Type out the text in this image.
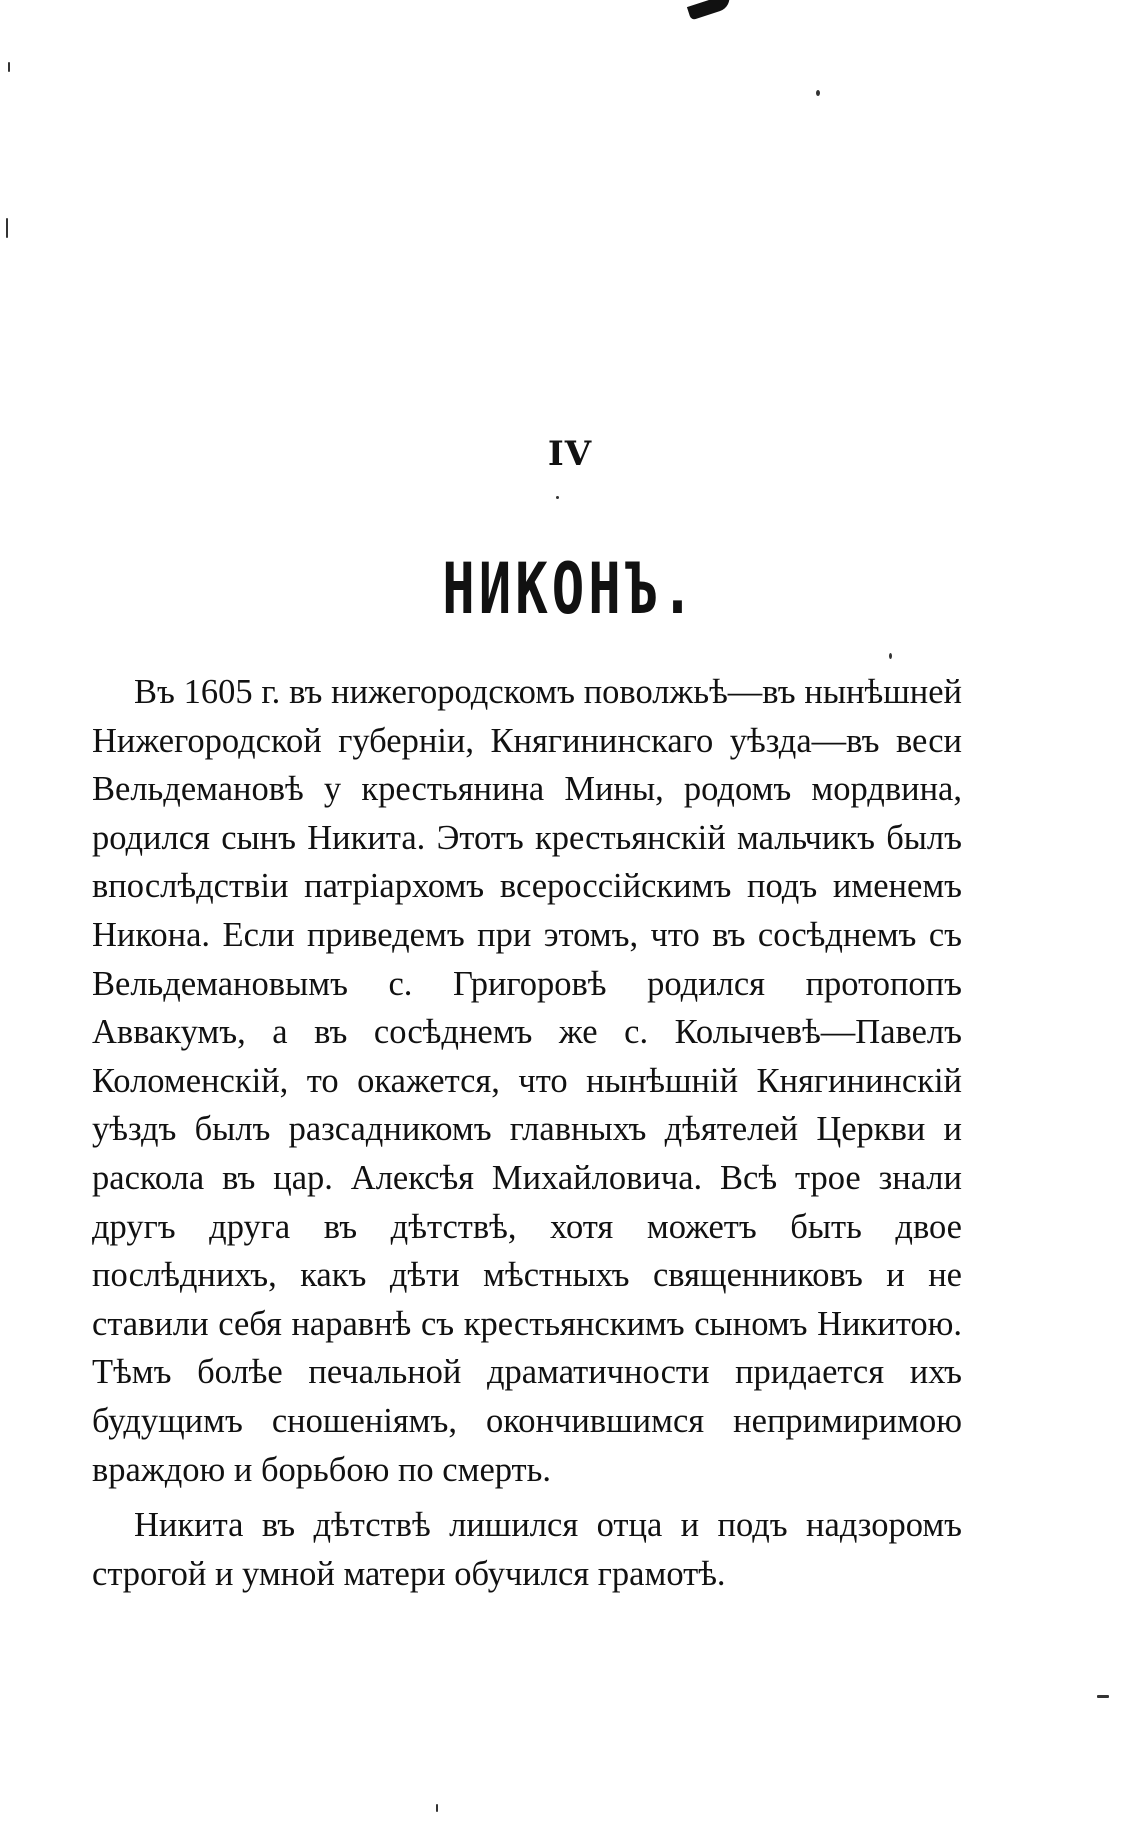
IV
НИКОНЪ.

Въ 1605 г. въ нижегородскомъ поволжьѣ—въ нынѣшней Нижегородской губерніи, Княгининскаго уѣзда—въ веси Вельдемановѣ у крестьянина Мины, родомъ мордвина, родился сынъ Никита. Этотъ крестьянскій мальчикъ былъ впослѣдствіи патріархомъ всероссійскимъ подъ именемъ Никона. Если приведемъ при этомъ, что въ сосѣднемъ съ Вельдемановымъ с. Григоровѣ родился протопопъ Аввакумъ, а въ сосѣднемъ же с. Колычевѣ—Павелъ Коломенскій, то окажется, что нынѣшній Княгининскій уѣздъ былъ разсадникомъ главныхъ дѣятелей Церкви и раскола въ цар. Алексѣя Михайловича. Всѣ трое знали другъ друга въ дѣтствѣ, хотя можетъ быть двое послѣднихъ, какъ дѣти мѣстныхъ священниковъ и не ставили себя наравнѣ съ крестьянскимъ сыномъ Никитою. Тѣмъ болѣе печальной драматичности придается ихъ будущимъ сношеніямъ, окончившимся непримиримою враждою и борьбою по смерть.

Никита въ дѣтствѣ лишился отца и подъ надзоромъ строгой и умной матери обучился грамотѣ.
